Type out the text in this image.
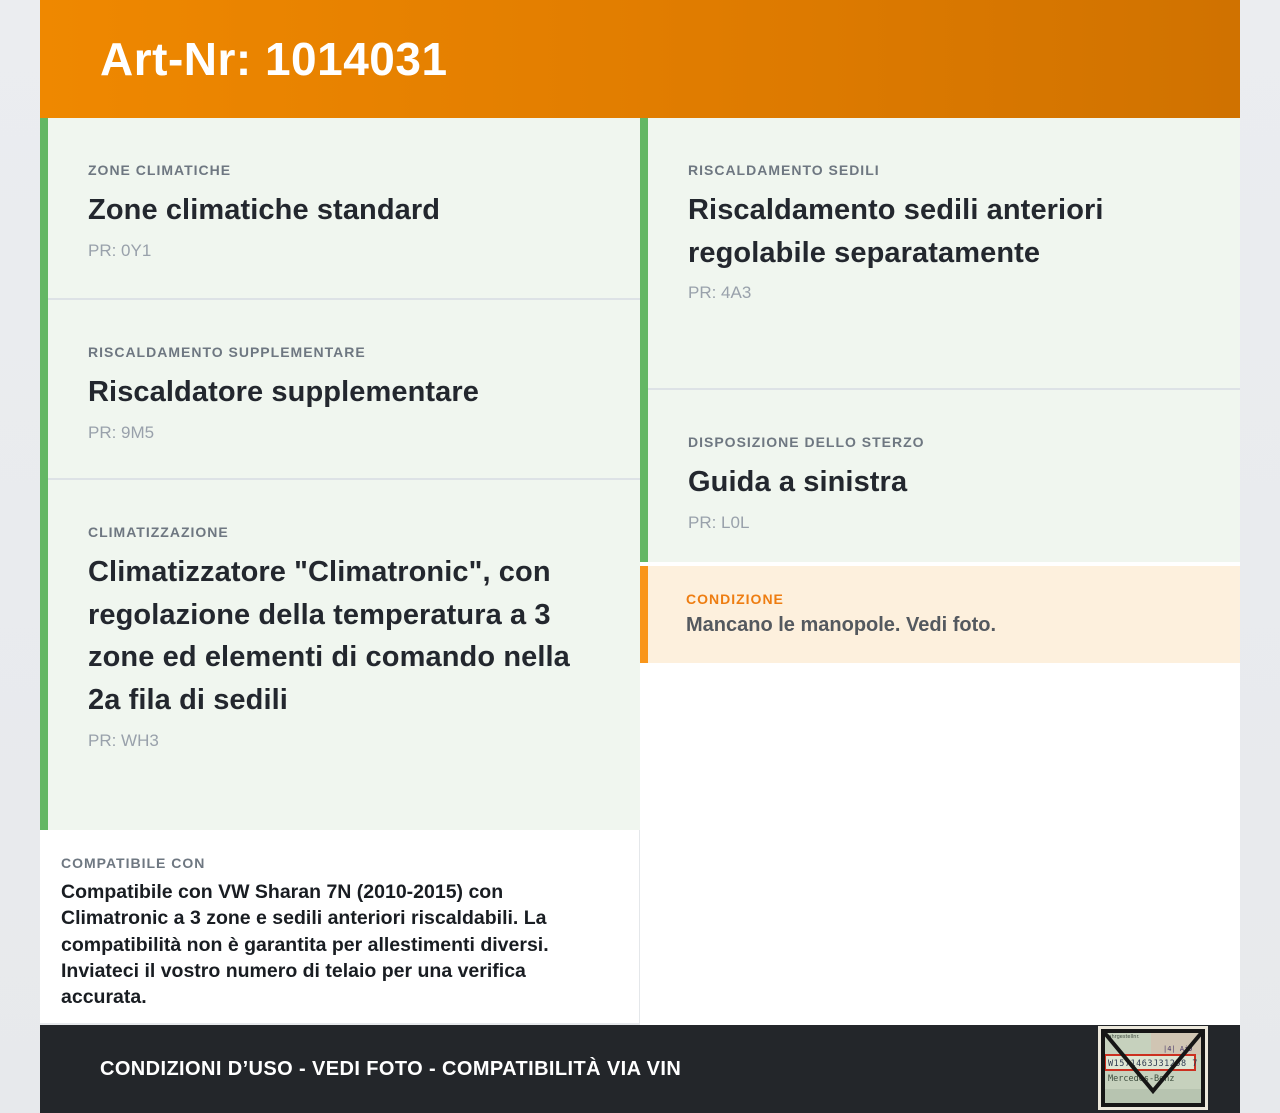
Art-Nr: 1014031
ZONE CLIMATICHE
Zone climatiche standard
PR: 0Y1
RISCALDAMENTO SUPPLEMENTARE
Riscaldatore supplementare
PR: 9M5
CLIMATIZZAZIONE
Climatizzatore "Climatronic", con regolazione della temperatura a 3 zone ed elementi di comando nella 2a fila di sedili
PR: WH3
COMPATIBILE CON
Compatibile con VW Sharan 7N (2010-2015) con Climatronic a 3 zone e sedili anteriori riscaldabili. La compatibilità non è garantita per allestimenti diversi. Inviateci il vostro numero di telaio per una verifica accurata.
RISCALDAMENTO SEDILI
Riscaldamento sedili anteriori regolabile separatamente
PR: 4A3
DISPOSIZIONE DELLO STERZO
Guida a sinistra
PR: L0L
CONDIZIONE
Mancano le manopole. Vedi foto.
CONDIZIONI D’USO - VEDI FOTO - COMPATIBILITÀ VIA VIN
Fahrgestellnr.
|4| AiD
W1571463J31258 7
Mercedes-Benz
